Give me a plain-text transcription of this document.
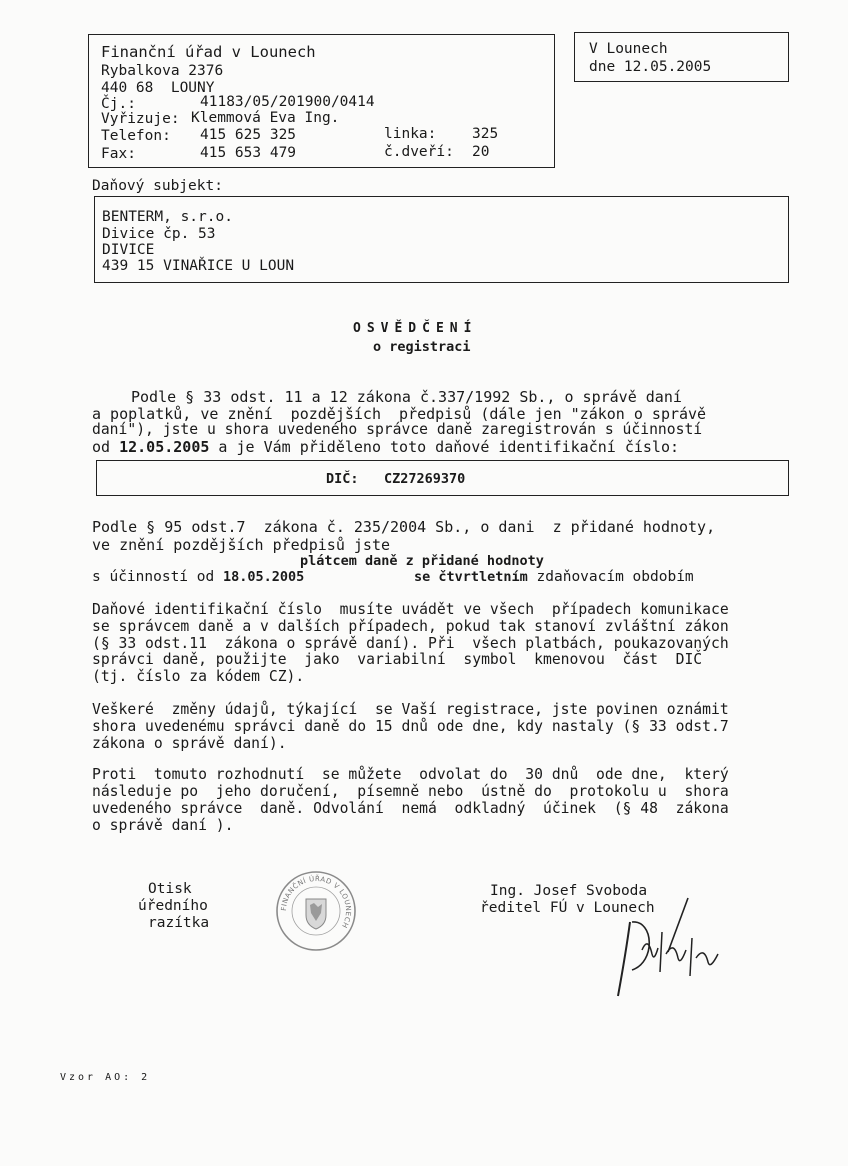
Finanční úřad v Lounech
Rybalkova 2376
440 68  LOUNY
Čj.:	41183/05/201900/0414
Vyřizuje: Klemmová Eva Ing.
Telefon: 415 625 325	linka: 325
Fax:	415 653 479	č.dveří: 20
V Lounech
dne 12.05.2005
Daňový subjekt:
BENTERM, s.r.o.
Divice čp. 53
DIVICE
439 15 VINAŘICE U LOUN
OSVĚDČENÍ
o registraci
Podle § 33 odst. 11 a 12 zákona č.337/1992 Sb., o správě daní
a poplatků, ve znění  pozdějších  předpisů (dále jen "zákon o správě
daní"), jste u shora uvedeného správce daně zaregistrován s účinností
od 12.05.2005 a je Vám přiděleno toto daňové identifikační číslo:
DIČ: CZ27269370
Podle § 95 odst.7  zákona č. 235/2004 Sb., o dani  z přidané hodnoty,
ve znění pozdějších předpisů jste
plátcem daně z přidané hodnoty
s účinností od 18.05.2005	se čtvrtletním zdaňovacím obdobím
Daňové identifikační číslo  musíte uvádět ve všech  případech komunikace
se správcem daně a v dalších případech, pokud tak stanoví zvláštní zákon
(§ 33 odst.11  zákona o správě daní). Při  všech platbách, poukazovaných
správci daně, použijte  jako  variabilní  symbol  kmenovou  část  DIČ
(tj. číslo za kódem CZ).
Veškeré  změny údajů, týkající  se Vaší registrace, jste povinen oznámit
shora uvedenému správci daně do 15 dnů ode dne, kdy nastaly (§ 33 odst.7
zákona o správě daní).
Proti  tomuto rozhodnutí  se můžete  odvolat do  30 dnů  ode dne,  který
následuje po  jeho doručení,  písemně nebo  ústně do  protokolu u  shora
uvedeného správce  daně. Odvolání  nemá  odkladný  účinek  (§ 48  zákona
o správě daní ).
Otisk
úředního
razítka
FINANČNÍ ÚŘAD V LOUNECH
Ing. Josef Svoboda
ředitel FÚ v Lounech
Vzor AO: 2
